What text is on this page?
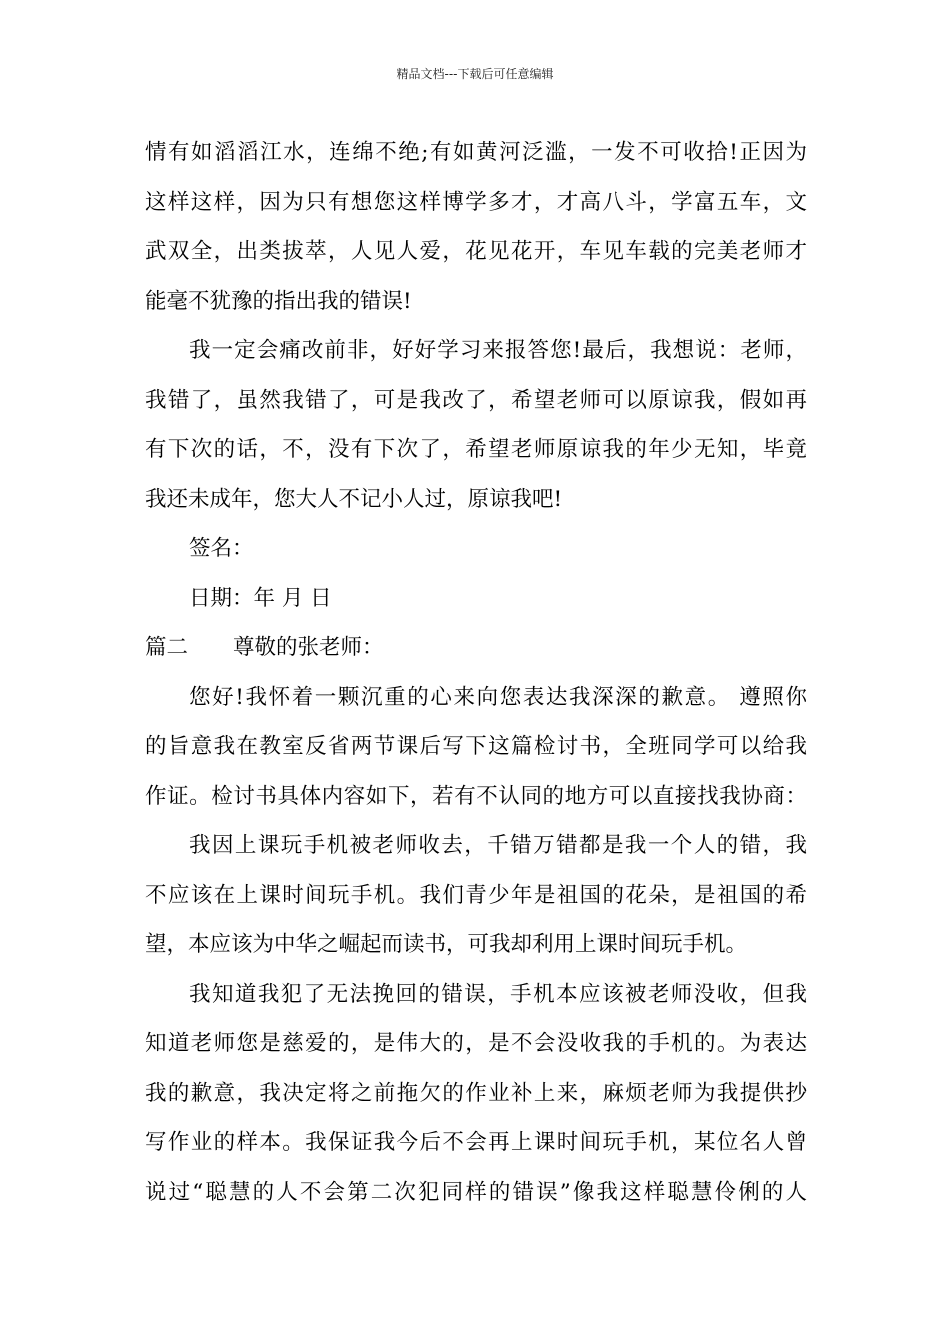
精品文档---下载后可任意编辑
情有如滔滔江水，连绵不绝;有如黄河泛滥，一发不可收拾!正因为
这样这样，因为只有想您这样博学多才，才高八斗，学富五车，文
武双全，出类拔萃，人见人爱，花见花开，车见车载的完美老师才
能毫不犹豫的指出我的错误!
我一定会痛改前非，好好学习来报答您!最后，我想说：老师，
我错了，虽然我错了，可是我改了，希望老师可以原谅我，假如再
有下次的话，不，没有下次了，希望老师原谅我的年少无知，毕竟
我还未成年，您大人不记小人过，原谅我吧!
签名：
日期：年 月 日
篇二 尊敬的张老师：
您好!我怀着一颗沉重的心来向您表达我深深的歉意。 遵照你
的旨意我在教室反省两节课后写下这篇检讨书，全班同学可以给我
作证。检讨书具体内容如下，若有不认同的地方可以直接找我协商：
我因上课玩手机被老师收去，千错万错都是我一个人的错，我
不应该在上课时间玩手机。我们青少年是祖国的花朵，是祖国的希
望，本应该为中华之崛起而读书，可我却利用上课时间玩手机。
我知道我犯了无法挽回的错误，手机本应该被老师没收，但我
知道老师您是慈爱的，是伟大的，是不会没收我的手机的。为表达
我的歉意，我决定将之前拖欠的作业补上来，麻烦老师为我提供抄
写作业的样本。我保证我今后不会再上课时间玩手机，某位名人曾
说过“聪慧的人不会第二次犯同样的错误”像我这样聪慧伶俐的人
